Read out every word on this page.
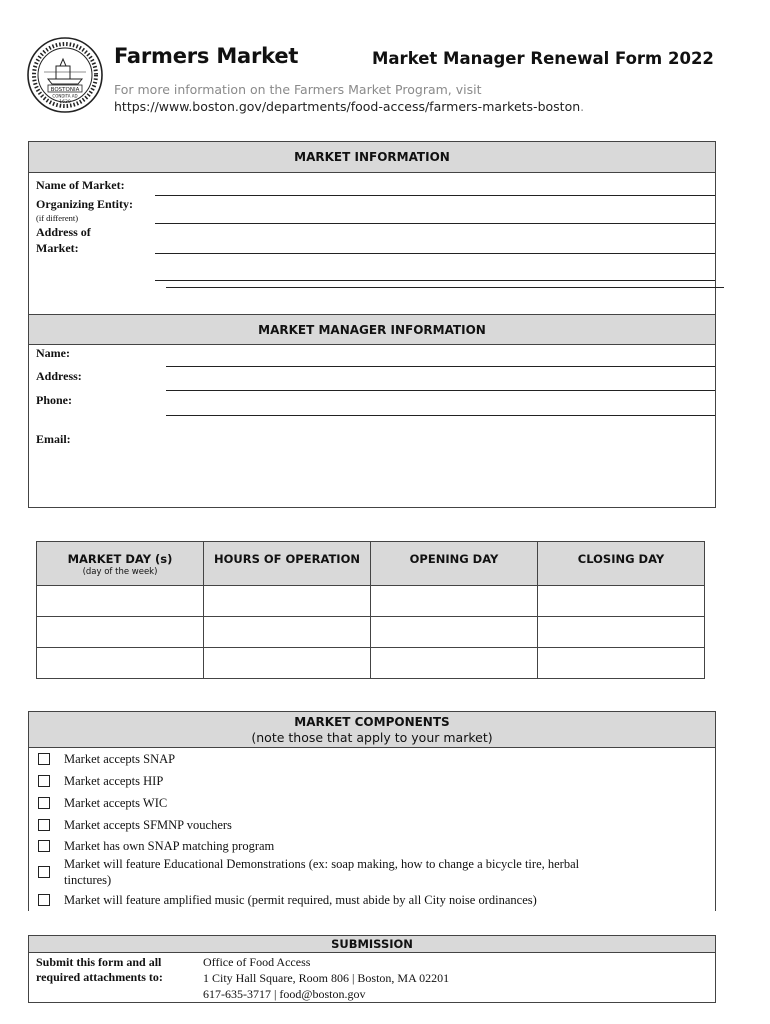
BOSTONIA
CONDITA AD
1630
Farmers Market	Market Manager Renewal Form 2022
For more information on the Farmers Market Program, visit
https://www.boston.gov/departments/food-access/farmers-markets-boston.
MARKET INFORMATION
Name of Market:
Organizing Entity:
(if different)
Address of
Market:
MARKET MANAGER INFORMATION
Name:
Address:
Phone:
Email:
MARKET DAY (s)
(day of the week)	HOURS OF OPERATION	OPENING DAY	CLOSING DAY

MARKET COMPONENTS
(note those that apply to your market)
Market accepts SNAP
Market accepts HIP
Market accepts WIC
Market accepts SFMNP vouchers
Market has own SNAP matching program
Market will feature Educational Demonstrations (ex: soap making, how to change a bicycle tire, herbal
tinctures)
Market will feature amplified music (permit required, must abide by all City noise ordinances)
SUBMISSION
Submit this form and all
required attachments to:
Office of Food Access
1 City Hall Square, Room 806 | Boston, MA 02201
617-635-3717 | food@boston.gov
